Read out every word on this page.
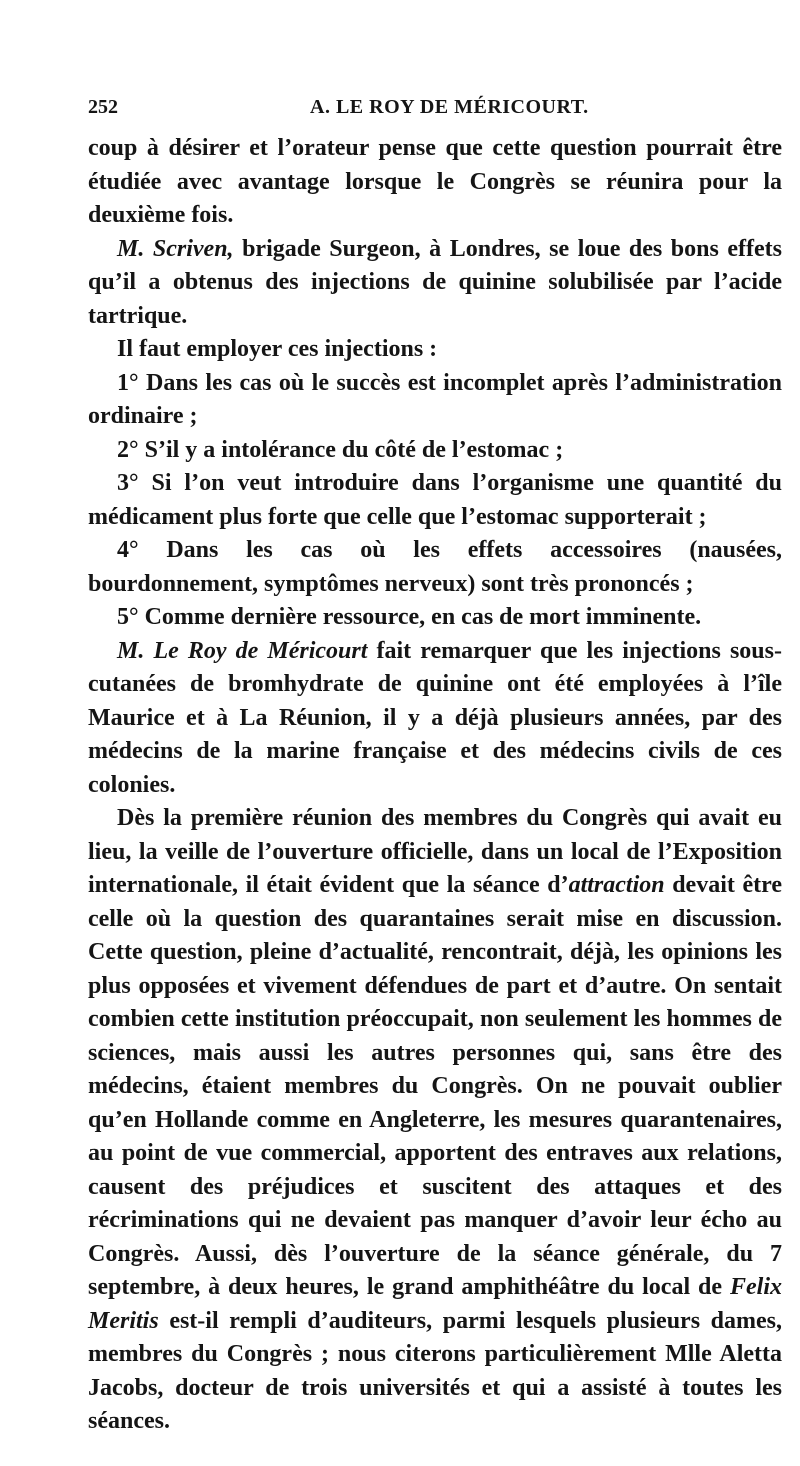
252	A. LE ROY DE MÉRICOURT.

coup à désirer et l’orateur pense que cette question pourrait être étudiée avec avantage lorsque le Congrès se réunira pour la deuxième fois.

M. Scriven, brigade Surgeon, à Londres, se loue des bons effets qu’il a obtenus des injections de quinine solubilisée par l’acide tartrique.

Il faut employer ces injections :

1° Dans les cas où le succès est incomplet après l’administration ordinaire ;

2° S’il y a intolérance du côté de l’estomac ;

3° Si l’on veut introduire dans l’organisme une quantité du médicament plus forte que celle que l’estomac supporterait ;

4° Dans les cas où les effets accessoires (nausées, bourdonnement, symptômes nerveux) sont très prononcés ;

5° Comme dernière ressource, en cas de mort imminente.

M. Le Roy de Méricourt fait remarquer que les injections sous-cutanées de bromhydrate de quinine ont été employées à l’île Maurice et à La Réunion, il y a déjà plusieurs années, par des médecins de la marine française et des médecins civils de ces colonies.

Dès la première réunion des membres du Congrès qui avait eu lieu, la veille de l’ouverture officielle, dans un local de l’Exposition internationale, il était évident que la séance d’attraction devait être celle où la question des quarantaines serait mise en discussion. Cette question, pleine d’actualité, rencontrait, déjà, les opinions les plus opposées et vivement défendues de part et d’autre. On sentait combien cette institution préoccupait, non seulement les hommes de sciences, mais aussi les autres personnes qui, sans être des médecins, étaient membres du Congrès. On ne pouvait oublier qu’en Hollande comme en Angleterre, les mesures quarantenaires, au point de vue commercial, apportent des entraves aux relations, causent des préjudices et suscitent des attaques et des récriminations qui ne devaient pas manquer d’avoir leur écho au Congrès. Aussi, dès l’ouverture de la séance générale, du 7 septembre, à deux heures, le grand amphithéâtre du local de Felix Meritis est-il rempli d’auditeurs, parmi lesquels plusieurs dames, membres du Congrès ; nous citerons particulièrement Mlle Aletta Jacobs, docteur de trois universités et qui a assisté à toutes les séances.
